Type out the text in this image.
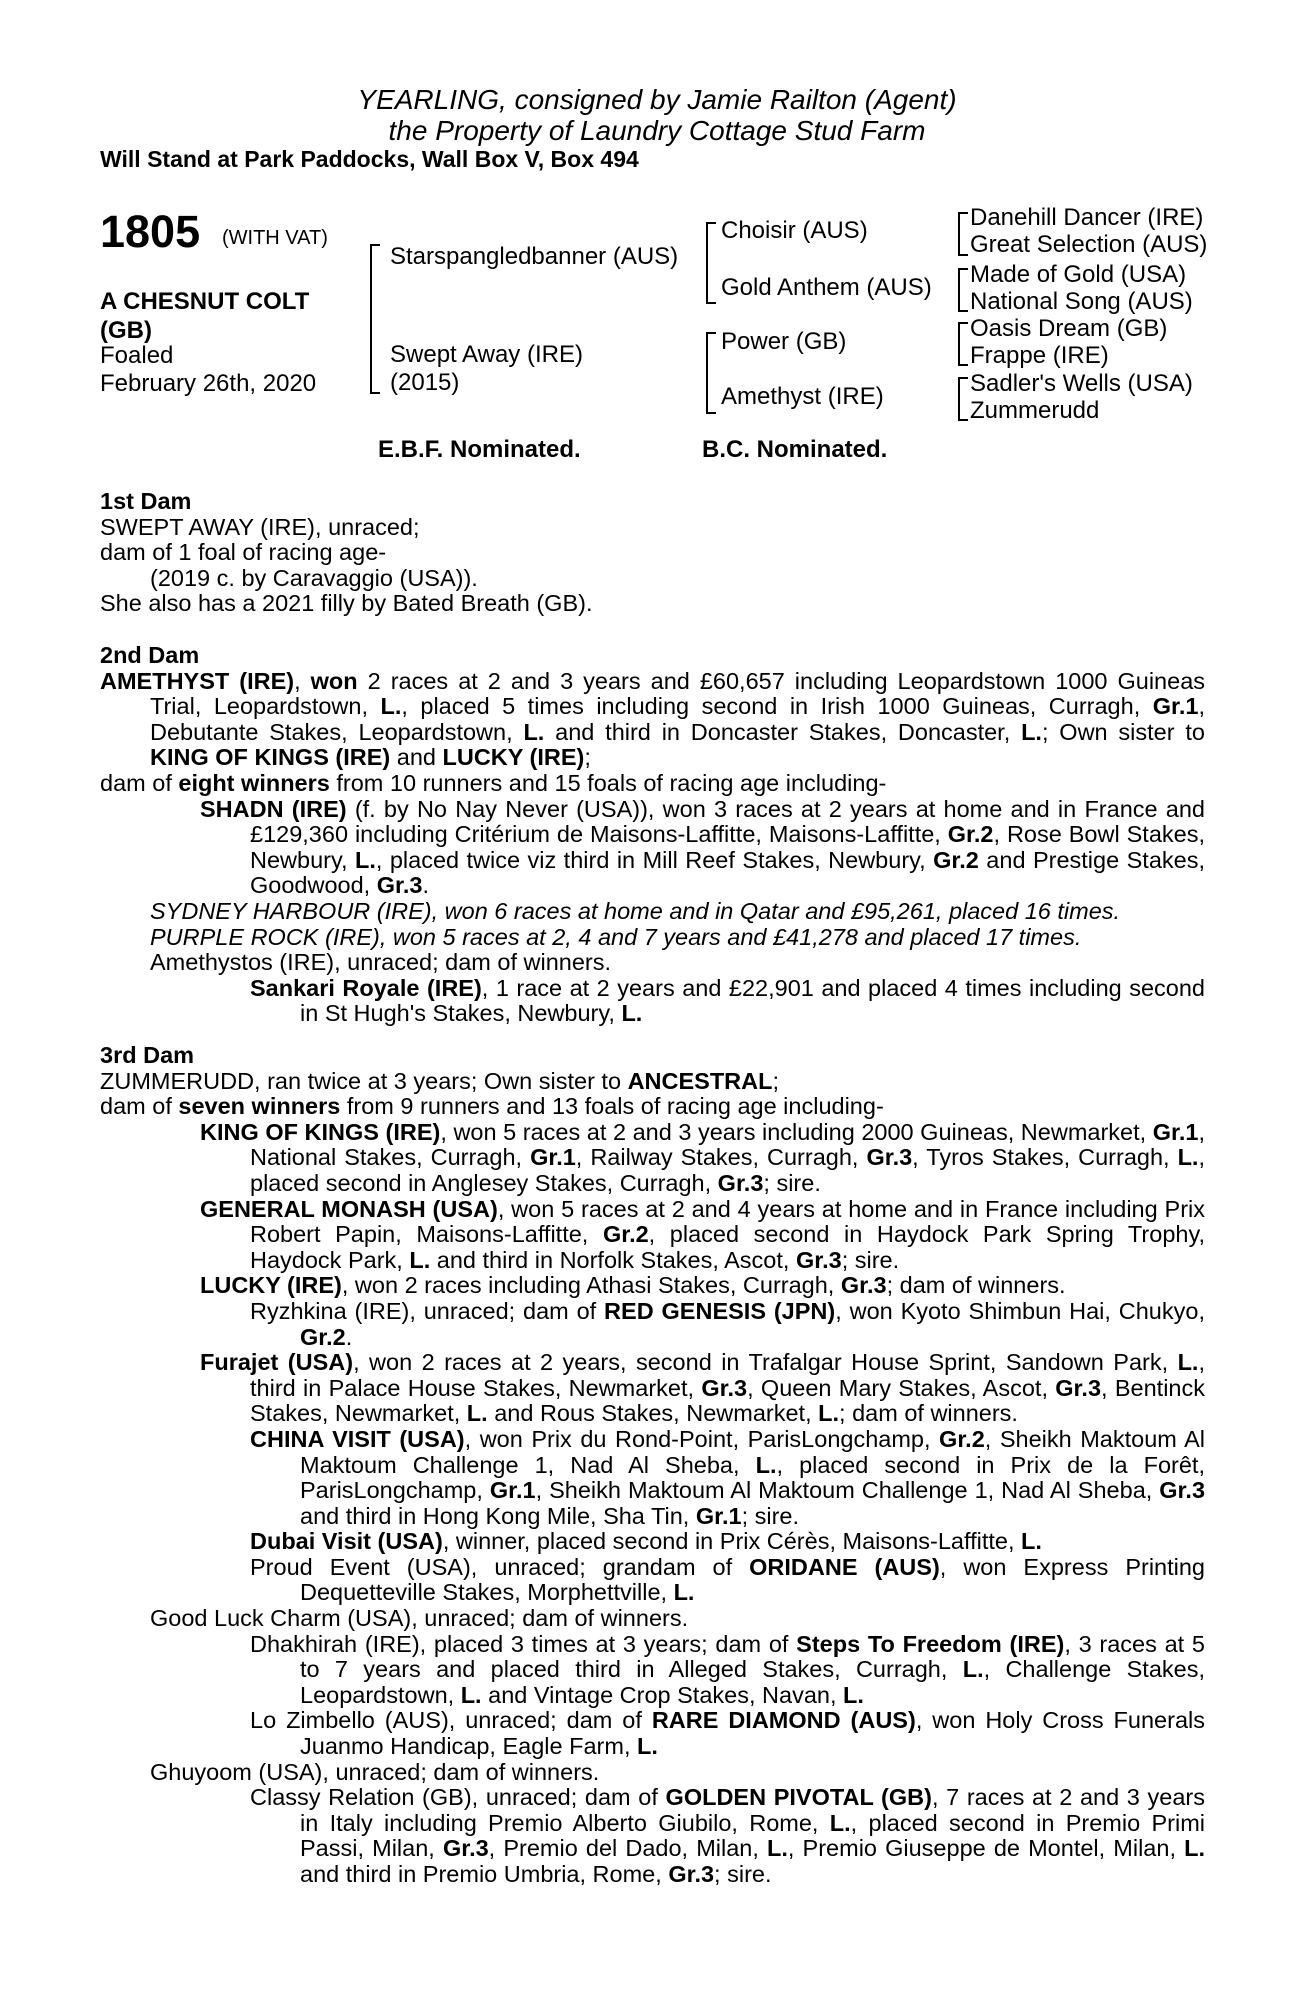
YEARLING, consigned by Jamie Railton (Agent)
the Property of Laundry Cottage Stud Farm
Will Stand at Park Paddocks, Wall Box V, Box 494
1805 (WITH VAT)
A CHESNUT COLT
(GB)
Foaled
February 26th, 2020
Starspangledbanner (AUS)
Swept Away (IRE)
(2015)
Choisir (AUS)
Gold Anthem (AUS)
Power (GB)
Amethyst (IRE)
Danehill Dancer (IRE)
Great Selection (AUS)
Made of Gold (USA)
National Song (AUS)
Oasis Dream (GB)
Frappe (IRE)
Sadler's Wells (USA)
Zummerudd
E.B.F. Nominated.	B.C. Nominated.
1st Dam
SWEPT AWAY (IRE), unraced;
dam of 1 foal of racing age-
(2019 c. by Caravaggio (USA)).
She also has a 2021 filly by Bated Breath (GB).
2nd Dam
AMETHYST (IRE), won 2 races at 2 and 3 years and £60,657 including Leopardstown 1000 Guineas Trial, Leopardstown, L., placed 5 times including second in Irish 1000 Guineas, Curragh, Gr.1, Debutante Stakes, Leopardstown, L. and third in Doncaster Stakes, Doncaster, L.; Own sister to KING OF KINGS (IRE) and LUCKY (IRE);
dam of eight winners from 10 runners and 15 foals of racing age including-
SHADN (IRE) (f. by No Nay Never (USA)), won 3 races at 2 years at home and in France and £129,360 including Critérium de Maisons-Laffitte, Maisons-Laffitte, Gr.2, Rose Bowl Stakes, Newbury, L., placed twice viz third in Mill Reef Stakes, Newbury, Gr.2 and Prestige Stakes, Goodwood, Gr.3.
SYDNEY HARBOUR (IRE), won 6 races at home and in Qatar and £95,261, placed 16 times.
PURPLE ROCK (IRE), won 5 races at 2, 4 and 7 years and £41,278 and placed 17 times.
Amethystos (IRE), unraced; dam of winners.
Sankari Royale (IRE), 1 race at 2 years and £22,901 and placed 4 times including second in St Hugh's Stakes, Newbury, L.
3rd Dam
ZUMMERUDD, ran twice at 3 years; Own sister to ANCESTRAL;
dam of seven winners from 9 runners and 13 foals of racing age including-
KING OF KINGS (IRE), won 5 races at 2 and 3 years including 2000 Guineas, Newmarket, Gr.1, National Stakes, Curragh, Gr.1, Railway Stakes, Curragh, Gr.3, Tyros Stakes, Curragh, L., placed second in Anglesey Stakes, Curragh, Gr.3; sire.
GENERAL MONASH (USA), won 5 races at 2 and 4 years at home and in France including Prix Robert Papin, Maisons-Laffitte, Gr.2, placed second in Haydock Park Spring Trophy, Haydock Park, L. and third in Norfolk Stakes, Ascot, Gr.3; sire.
LUCKY (IRE), won 2 races including Athasi Stakes, Curragh, Gr.3; dam of winners.
Ryzhkina (IRE), unraced; dam of RED GENESIS (JPN), won Kyoto Shimbun Hai, Chukyo, Gr.2.
Furajet (USA), won 2 races at 2 years, second in Trafalgar House Sprint, Sandown Park, L., third in Palace House Stakes, Newmarket, Gr.3, Queen Mary Stakes, Ascot, Gr.3, Bentinck Stakes, Newmarket, L. and Rous Stakes, Newmarket, L.; dam of winners.
CHINA VISIT (USA), won Prix du Rond-Point, ParisLongchamp, Gr.2, Sheikh Maktoum Al Maktoum Challenge 1, Nad Al Sheba, L., placed second in Prix de la Forêt, ParisLongchamp, Gr.1, Sheikh Maktoum Al Maktoum Challenge 1, Nad Al Sheba, Gr.3 and third in Hong Kong Mile, Sha Tin, Gr.1; sire.
Dubai Visit (USA), winner, placed second in Prix Cérès, Maisons-Laffitte, L.
Proud Event (USA), unraced; grandam of ORIDANE (AUS), won Express Printing Dequetteville Stakes, Morphettville, L.
Good Luck Charm (USA), unraced; dam of winners.
Dhakhirah (IRE), placed 3 times at 3 years; dam of Steps To Freedom (IRE), 3 races at 5 to 7 years and placed third in Alleged Stakes, Curragh, L., Challenge Stakes, Leopardstown, L. and Vintage Crop Stakes, Navan, L.
Lo Zimbello (AUS), unraced; dam of RARE DIAMOND (AUS), won Holy Cross Funerals Juanmo Handicap, Eagle Farm, L.
Ghuyoom (USA), unraced; dam of winners.
Classy Relation (GB), unraced; dam of GOLDEN PIVOTAL (GB), 7 races at 2 and 3 years in Italy including Premio Alberto Giubilo, Rome, L., placed second in Premio Primi Passi, Milan, Gr.3, Premio del Dado, Milan, L., Premio Giuseppe de Montel, Milan, L. and third in Premio Umbria, Rome, Gr.3; sire.
